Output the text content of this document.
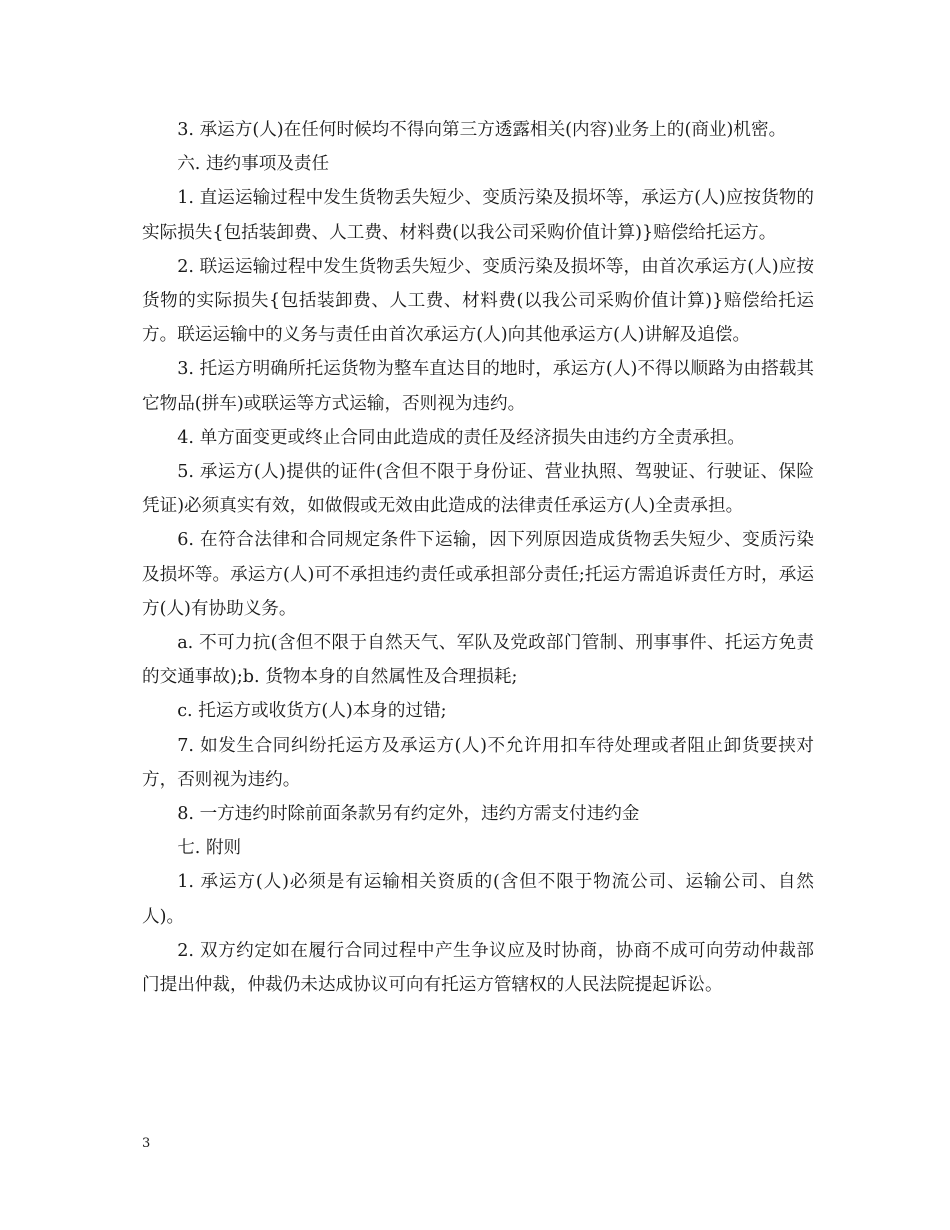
3. 承运方(人)在任何时候均不得向第三方透露相关(内容)业务上的(商业)机密。

六. 违约事项及责任

1. 直运运输过程中发生货物丢失短少、变质污染及损坏等，承运方(人)应按货物的实际损失{包括装卸费、人工费、材料费(以我公司采购价值计算)}赔偿给托运方。

2. 联运运输过程中发生货物丢失短少、变质污染及损坏等，由首次承运方(人)应按货物的实际损失{包括装卸费、人工费、材料费(以我公司采购价值计算)}赔偿给托运方。联运运输中的义务与责任由首次承运方(人)向其他承运方(人)讲解及追偿。

3. 托运方明确所托运货物为整车直达目的地时，承运方(人)不得以顺路为由搭载其它物品(拼车)或联运等方式运输，否则视为违约。

4. 单方面变更或终止合同由此造成的责任及经济损失由违约方全责承担。

5. 承运方(人)提供的证件(含但不限于身份证、营业执照、驾驶证、行驶证、保险凭证)必须真实有效，如做假或无效由此造成的法律责任承运方(人)全责承担。

6. 在符合法律和合同规定条件下运输，因下列原因造成货物丢失短少、变质污染及损坏等。承运方(人)可不承担违约责任或承担部分责任;托运方需追诉责任方时，承运方(人)有协助义务。

a. 不可力抗(含但不限于自然天气、军队及党政部门管制、刑事事件、托运方免责的交通事故);b. 货物本身的自然属性及合理损耗;

c. 托运方或收货方(人)本身的过错;

7. 如发生合同纠纷托运方及承运方(人)不允许用扣车待处理或者阻止卸货要挟对方，否则视为违约。

8. 一方违约时除前面条款另有约定外，违约方需支付违约金

七. 附则

1. 承运方(人)必须是有运输相关资质的(含但不限于物流公司、运输公司、自然人)。

2. 双方约定如在履行合同过程中产生争议应及时协商，协商不成可向劳动仲裁部门提出仲裁，仲裁仍未达成协议可向有托运方管辖权的人民法院提起诉讼。

3
